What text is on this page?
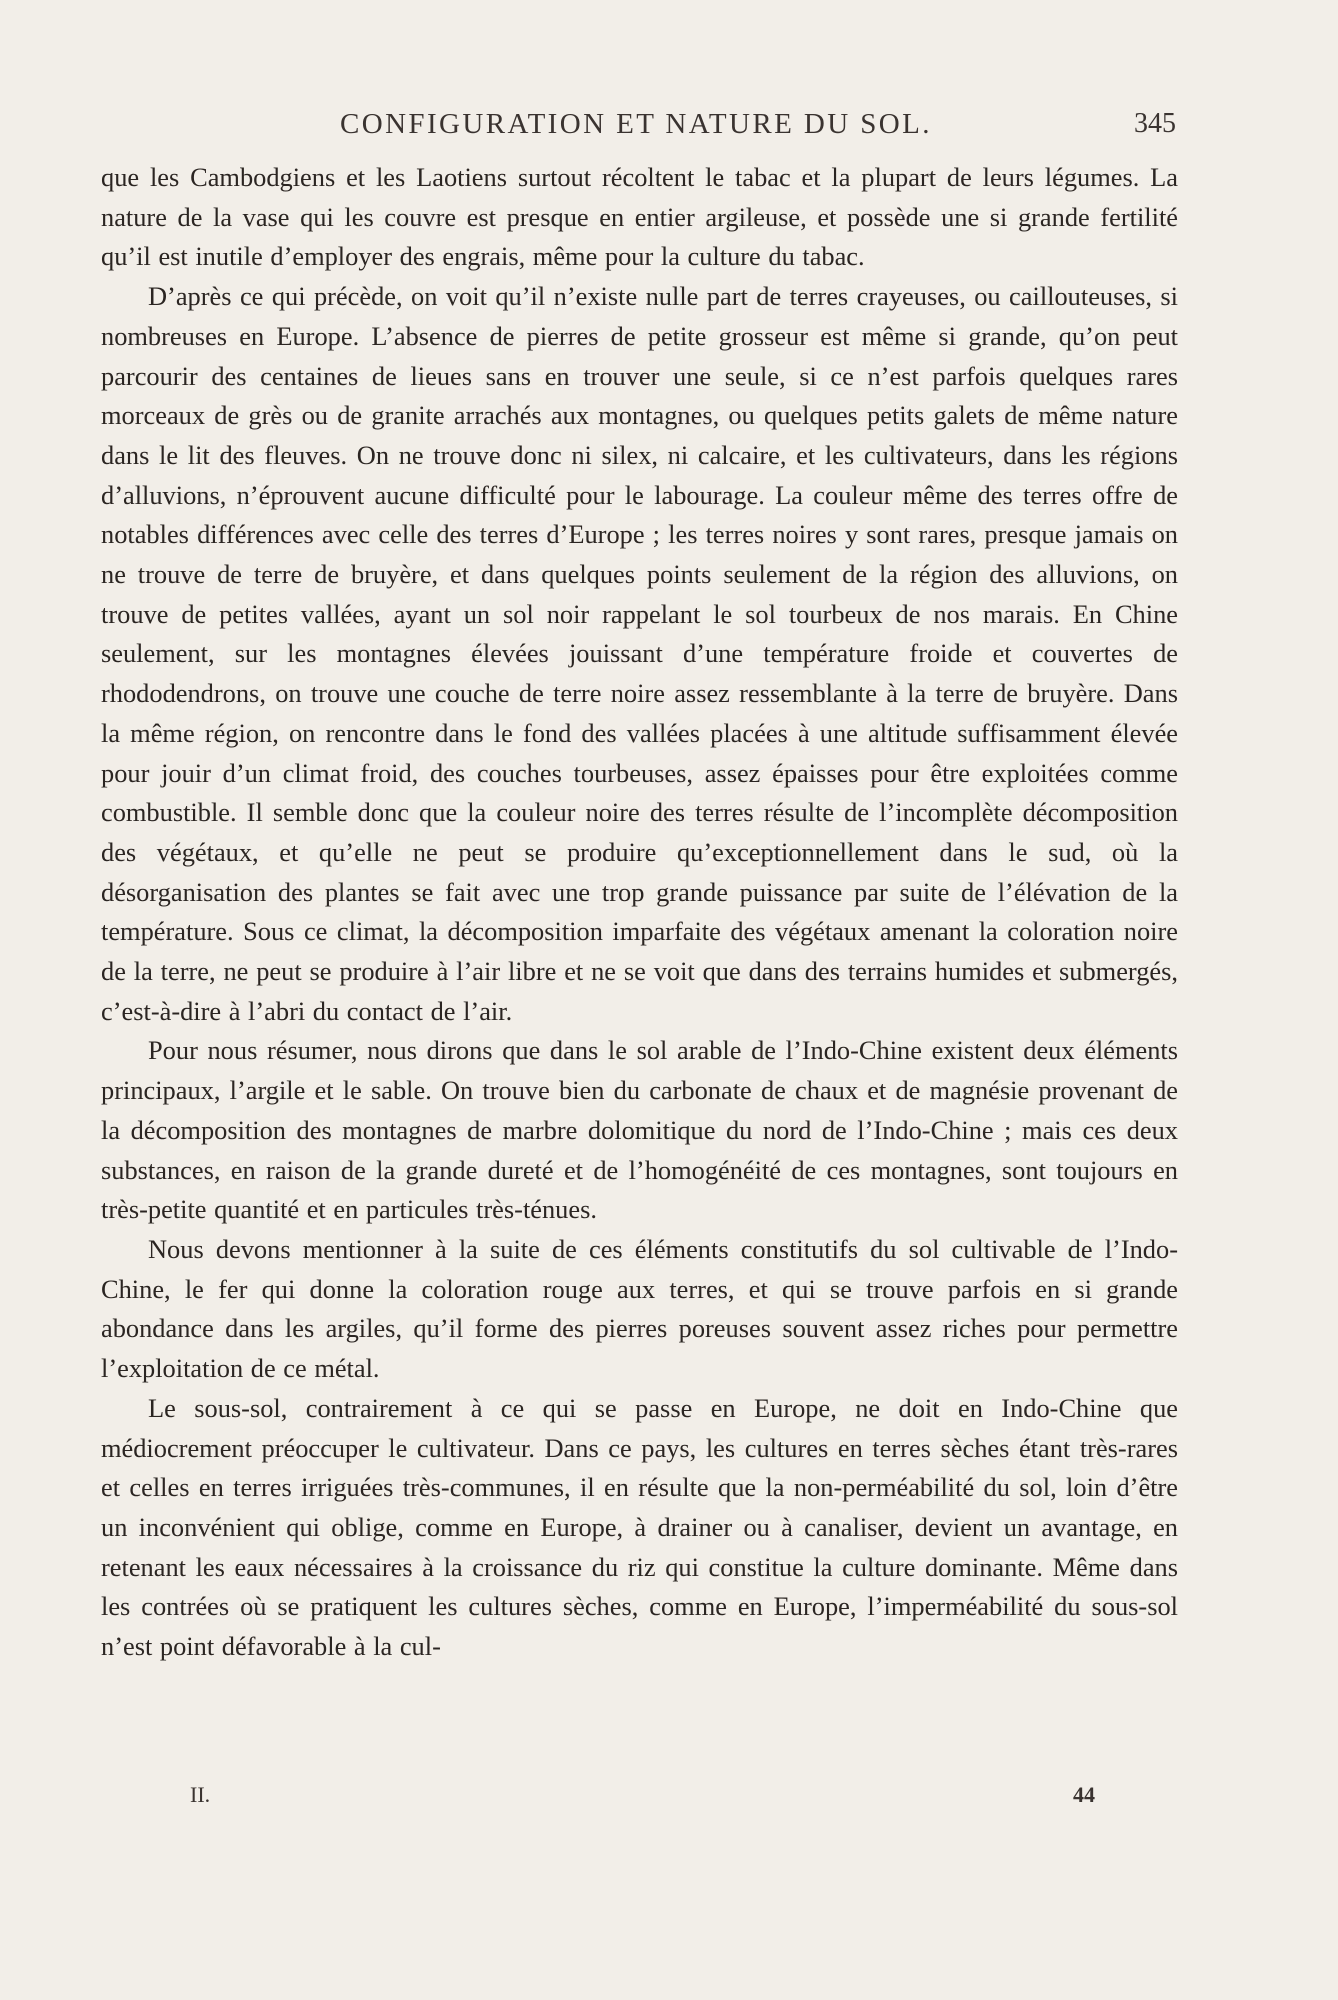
CONFIGURATION ET NATURE DU SOL.	345

que les Cambodgiens et les Laotiens surtout récoltent le tabac et la plupart de leurs légumes. La nature de la vase qui les couvre est presque en entier argileuse, et possède une si grande fertilité qu’il est inutile d’employer des engrais, même pour la culture du tabac.

D’après ce qui précède, on voit qu’il n’existe nulle part de terres crayeuses, ou caillouteuses, si nombreuses en Europe. L’absence de pierres de petite grosseur est même si grande, qu’on peut parcourir des centaines de lieues sans en trouver une seule, si ce n’est parfois quelques rares morceaux de grès ou de granite arrachés aux montagnes, ou quelques petits galets de même nature dans le lit des fleuves. On ne trouve donc ni silex, ni calcaire, et les cultivateurs, dans les régions d’alluvions, n’éprouvent aucune difficulté pour le labourage. La couleur même des terres offre de notables différences avec celle des terres d’Europe ; les terres noires y sont rares, presque jamais on ne trouve de terre de bruyère, et dans quelques points seulement de la région des alluvions, on trouve de petites vallées, ayant un sol noir rappelant le sol tourbeux de nos marais. En Chine seulement, sur les montagnes élevées jouissant d’une température froide et couvertes de rhododendrons, on trouve une couche de terre noire assez ressemblante à la terre de bruyère. Dans la même région, on rencontre dans le fond des vallées placées à une altitude suffisamment élevée pour jouir d’un climat froid, des couches tourbeuses, assez épaisses pour être exploitées comme combustible. Il semble donc que la couleur noire des terres résulte de l’incomplète décomposition des végétaux, et qu’elle ne peut se produire qu’exceptionnellement dans le sud, où la désorganisation des plantes se fait avec une trop grande puissance par suite de l’élévation de la température. Sous ce climat, la décomposition imparfaite des végétaux amenant la coloration noire de la terre, ne peut se produire à l’air libre et ne se voit que dans des terrains humides et submergés, c’est-à-dire à l’abri du contact de l’air.

Pour nous résumer, nous dirons que dans le sol arable de l’Indo-Chine existent deux éléments principaux, l’argile et le sable. On trouve bien du carbonate de chaux et de magnésie provenant de la décomposition des montagnes de marbre dolomitique du nord de l’Indo-Chine ; mais ces deux substances, en raison de la grande dureté et de l’homogénéité de ces montagnes, sont toujours en très-petite quantité et en particules très-ténues.

Nous devons mentionner à la suite de ces éléments constitutifs du sol cultivable de l’Indo-Chine, le fer qui donne la coloration rouge aux terres, et qui se trouve parfois en si grande abondance dans les argiles, qu’il forme des pierres poreuses souvent assez riches pour permettre l’exploitation de ce métal.

Le sous-sol, contrairement à ce qui se passe en Europe, ne doit en Indo-Chine que médiocrement préoccuper le cultivateur. Dans ce pays, les cultures en terres sèches étant très-rares et celles en terres irriguées très-communes, il en résulte que la non-perméabilité du sol, loin d’être un inconvénient qui oblige, comme en Europe, à drainer ou à canaliser, devient un avantage, en retenant les eaux nécessaires à la croissance du riz qui constitue la culture dominante. Même dans les contrées où se pratiquent les cultures sèches, comme en Europe, l’imperméabilité du sous-sol n’est point défavorable à la cul-

II.	44
